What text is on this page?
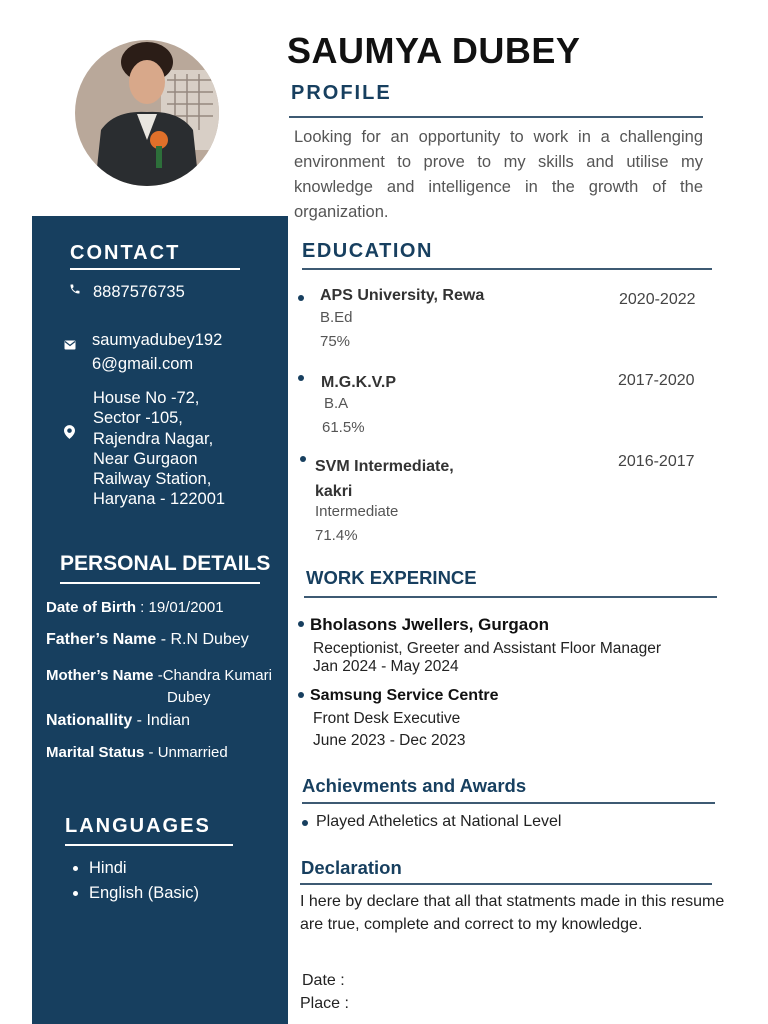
SAUMYA DUBEY
PROFILE
Looking for an opportunity to work in a challenging environment to prove to my skills and utilise my knowledge and intelligence in the growth of the organization.
CONTACT
8887576735
saumyadubey192
6@gmail.com
House No -72,
Sector -105,
Rajendra Nagar,
Near Gurgaon
Railway Station,
Haryana - 122001
PERSONAL DETAILS
Date of Birth : 19/01/2001
Father’s Name - R.N Dubey
Mother’s Name -Chandra Kumari
Dubey
Nationallity - Indian
Marital Status - Unmarried
LANGUAGES
Hindi
English (Basic)
EDUCATION
APS University, Rewa	2020-2022
B.Ed
75%
M.G.K.V.P	2017-2020
B.A
61.5%
SVM Intermediate,
kakri
2016-2017
Intermediate
71.4%
WORK EXPERINCE
Bholasons Jwellers, Gurgaon
Receptionist, Greeter and Assistant Floor Manager
Jan 2024 - May 2024
Samsung Service Centre
Front Desk Executive
June 2023 - Dec 2023
Achievments and Awards
Played Atheletics at National Level
Declaration
I here by declare that all that statments made in this resume
are true, complete and correct to my knowledge.
Date :
Place :
